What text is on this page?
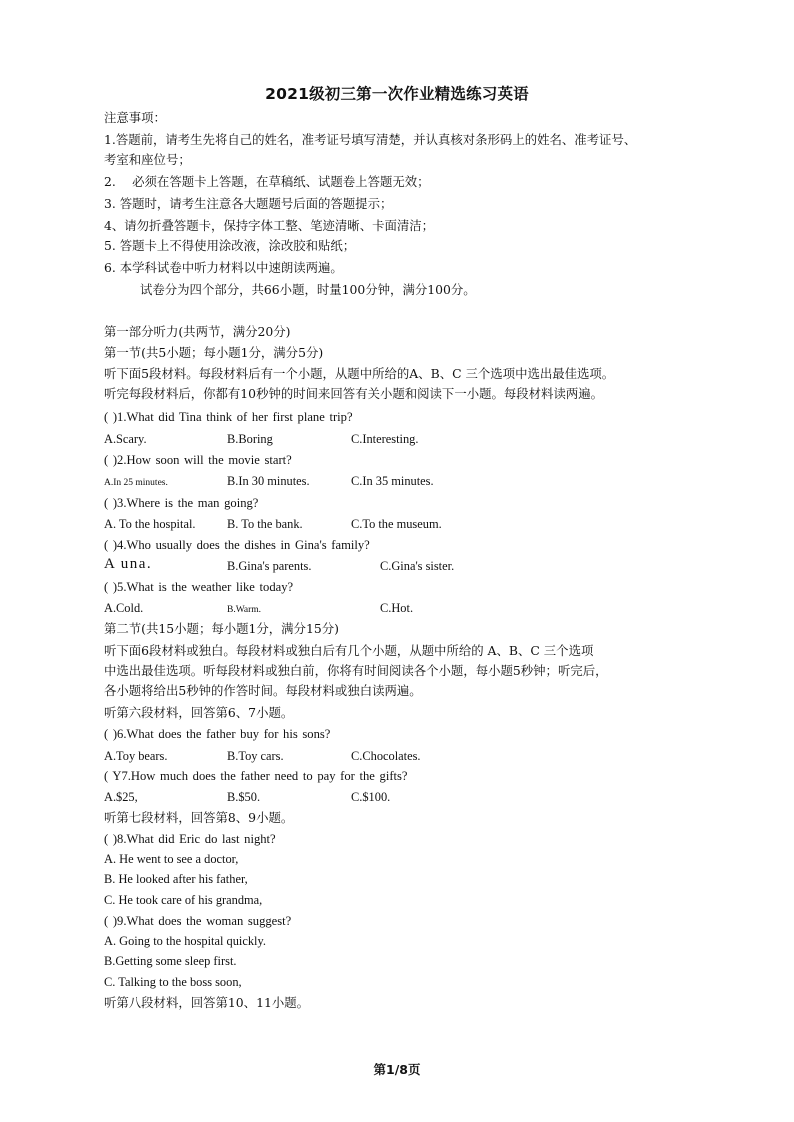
2021级初三第一次作业精选练习英语
注意事项：
1.答题前，请考生先将自己的姓名，准考证号填写清楚，并认真核对条形码上的姓名、准考证号、
考室和座位号；
2.　 必须在答题卡上答题，在草稿纸、试题卷上答题无效；
3. 答题时，请考生注意各大题题号后面的答题提示；
4、请勿折叠答题卡，保持字体工整、笔迹清晰、卡面清洁；
5. 答题卡上不得使用涂改液，涂改胶和贴纸；
6. 本学科试卷中听力材料以中速朗读两遍。
试卷分为四个部分，共66小题，时量100分钟，满分100分。
第一部分听力(共两节，满分20分)
第一节(共5小题；每小题1分，满分5分)
听下面5段材料。每段材料后有一个小题，从题中所给的A、B、C 三个选项中选出最佳选项。
听完每段材料后，你都有10秒钟的时间来回答有关小题和阅读下一小题。每段材料读两遍。
( )1.What did Tina think of her first plane trip?
A.Scary.	B.Boring	C.Interesting.
( )2.How soon will the movie start?
A.In 25 minutes.	B.In 30 minutes.	C.In 35 minutes.
( )3.Where is the man going?
A. To the hospital.	B. To the bank.	C.To the museum.
( )4.Who usually does the dishes in Gina's family?
A una.	B.Gina's parents.	C.Gina's sister.
( )5.What is the weather like today?
A.Cold.	B.Warm.	C.Hot.
第二节(共15小题；每小题1分，满分15分)
听下面6段材料或独白。每段材料或独白后有几个小题，从题中所给的 A、B、C 三个选项
中选出最佳选项。听每段材料或独白前，你将有时间阅读各个小题，每小题5秒钟；听完后，
各小题将给出5秒钟的作答时间。每段材料或独白读两遍。
听第六段材料，回答第6、7小题。
( )6.What does the father buy for his sons?
A.Toy bears.	B.Toy cars.	C.Chocolates.
( Y7.How much does the father need to pay for the gifts?
A.$25,	B.$50.	C.$100.
听第七段材料，回答第8、9小题。
( )8.What did Eric do last night?
A. He went to see a doctor,
B. He looked after his father,
C. He took care of his grandma,
( )9.What does the woman suggest?
A. Going to the hospital quickly.
B.Getting some sleep first.
C. Talking to the boss soon,
听第八段材料，回答第10、11小题。
第1/8页
